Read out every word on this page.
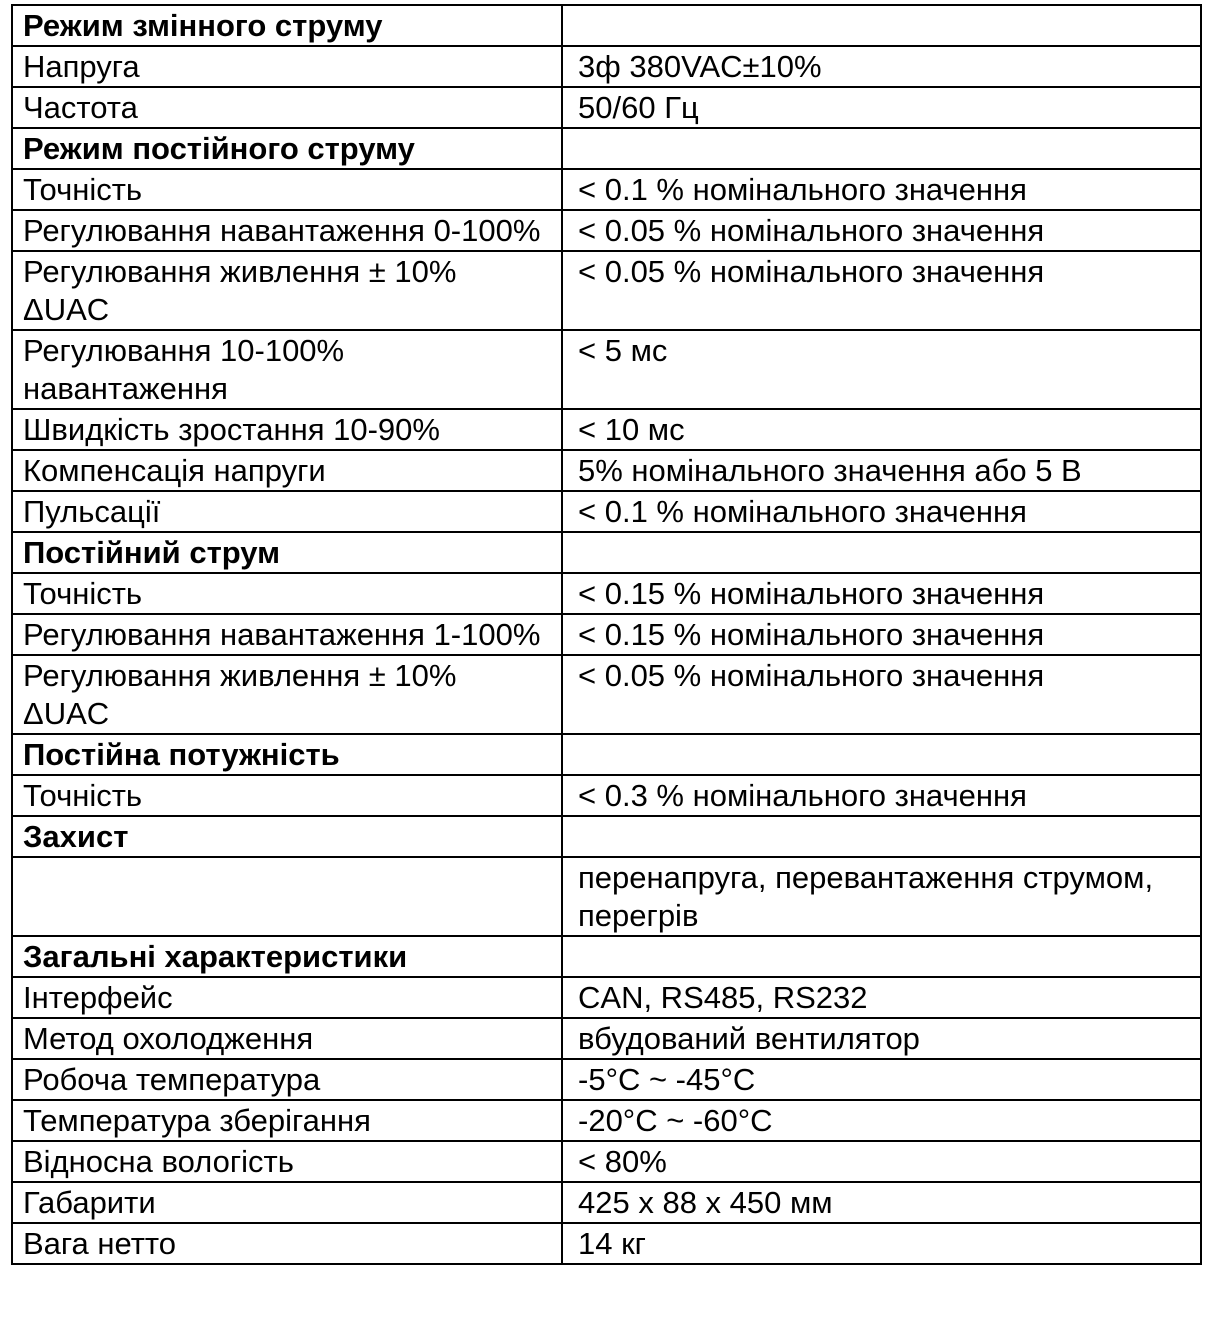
Режим змінного струму	
Напруга	3ф 380VAC±10%
Частота	50/60 Гц
Режим постійного струму	
Точність	< 0.1 % номінального значення
Регулювання навантаження 0-100%	< 0.05 % номінального значення
Регулювання живлення ± 10% ΔUAC	< 0.05 % номінального значення
Регулювання 10-100% навантаження	< 5 мс
Швидкість зростання 10-90%	< 10 мс
Компенсація напруги	5% номінального значення або 5 В
Пульсації	< 0.1 % номінального значення
Постійний струм	
Точність	< 0.15 % номінального значення
Регулювання навантаження 1-100%	< 0.15 % номінального значення
Регулювання живлення ± 10% ΔUAC	< 0.05 % номінального значення
Постійна потужність	
Точність	< 0.3 % номінального значення
Захист	
	перенапруга, перевантаження струмом, перегрів
Загальні характеристики	
Інтерфейс	CAN, RS485, RS232
Метод охолодження	вбудований вентилятор
Робоча температура	-5°C ~ -45°C
Температура зберігання	-20°C ~ -60°C
Відносна вологість	< 80%
Габарити	425 x 88 x 450 мм
Вага нетто	14 кг
